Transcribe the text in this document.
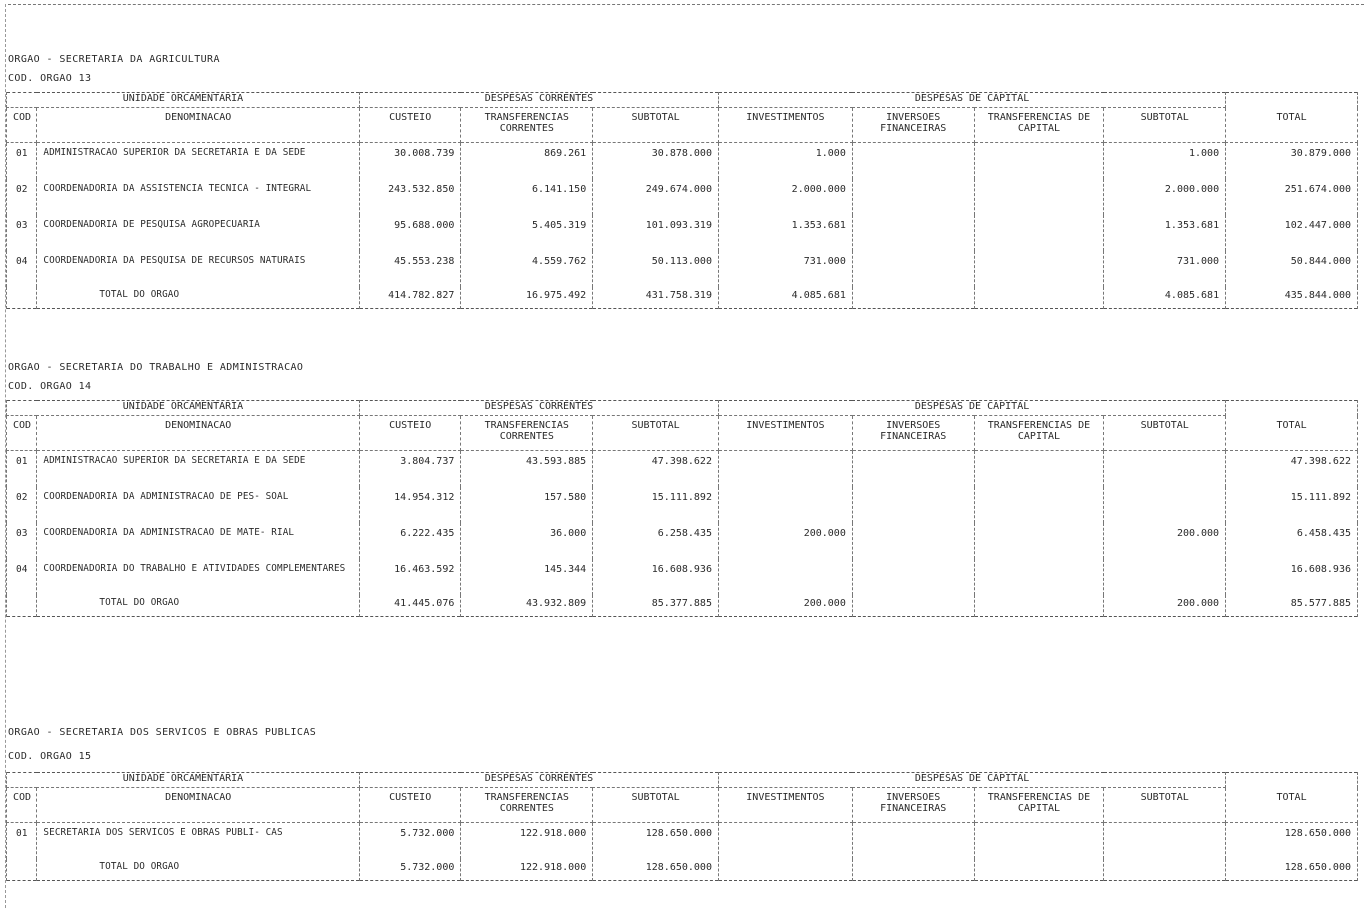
ORGAO - SECRETARIA DA AGRICULTURA
COD. ORGAO 13
UNIDADE ORCAMENTARIA		DESPESAS CORRENTES			DESPESAS DE CAPITAL				TOTAL
COD	DENOMINACAO	CUSTEIO	TRANSFERENCIAS CORRENTES	SUBTOTAL	INVESTIMENTOS	INVERSOES FINANCEIRAS	TRANSFERENCIAS DE CAPITAL	SUBTOTAL	
01	ADMINISTRACAO SUPERIOR DA SECRETARIA E DA SEDE	30.008.739	869.261	30.878.000	1.000			1.000	30.879.000
02	COORDENADORIA DA ASSISTENCIA TECNICA - INTEGRAL	243.532.850	6.141.150	249.674.000	2.000.000			2.000.000	251.674.000
03	COORDENADORIA DE PESQUISA AGROPECUARIA	95.688.000	5.405.319	101.093.319	1.353.681			1.353.681	102.447.000
04	COORDENADORIA DA PESQUISA DE RECURSOS NATURAIS	45.553.238	4.559.762	50.113.000	731.000			731.000	50.844.000
	TOTAL DO ORGAO	414.782.827	16.975.492	431.758.319	4.085.681			4.085.681	435.844.000
ORGAO - SECRETARIA DO TRABALHO E ADMINISTRACAO
COD. ORGAO 14
UNIDADE ORCAMENTARIA		DESPESAS CORRENTES			DESPESAS DE CAPITAL				TOTAL
COD	DENOMINACAO	CUSTEIO	TRANSFERENCIAS CORRENTES	SUBTOTAL	INVESTIMENTOS	INVERSOES FINANCEIRAS	TRANSFERENCIAS DE CAPITAL	SUBTOTAL	
01	ADMINISTRACAO SUPERIOR DA SECRETARIA E DA SEDE	3.804.737	43.593.885	47.398.622					47.398.622
02	COORDENADORIA DA ADMINISTRACAO DE PES- SOAL	14.954.312	157.580	15.111.892					15.111.892
03	COORDENADORIA DA ADMINISTRACAO DE MATE- RIAL	6.222.435	36.000	6.258.435	200.000			200.000	6.458.435
04	COORDENADORIA DO TRABALHO E ATIVIDADES COMPLEMENTARES	16.463.592	145.344	16.608.936					16.608.936
	TOTAL DO ORGAO	41.445.076	43.932.809	85.377.885	200.000			200.000	85.577.885
ORGAO - SECRETARIA DOS SERVICOS E OBRAS PUBLICAS
COD. ORGAO 15
UNIDADE ORCAMENTARIA		DESPESAS CORRENTES			DESPESAS DE CAPITAL				TOTAL
COD	DENOMINACAO	CUSTEIO	TRANSFERENCIAS CORRENTES	SUBTOTAL	INVESTIMENTOS	INVERSOES FINANCEIRAS	TRANSFERENCIAS DE CAPITAL	SUBTOTAL	
01	SECRETARIA DOS SERVICOS E OBRAS PUBLI- CAS	5.732.000	122.918.000	128.650.000					128.650.000
	TOTAL DO ORGAO	5.732.000	122.918.000	128.650.000					128.650.000
